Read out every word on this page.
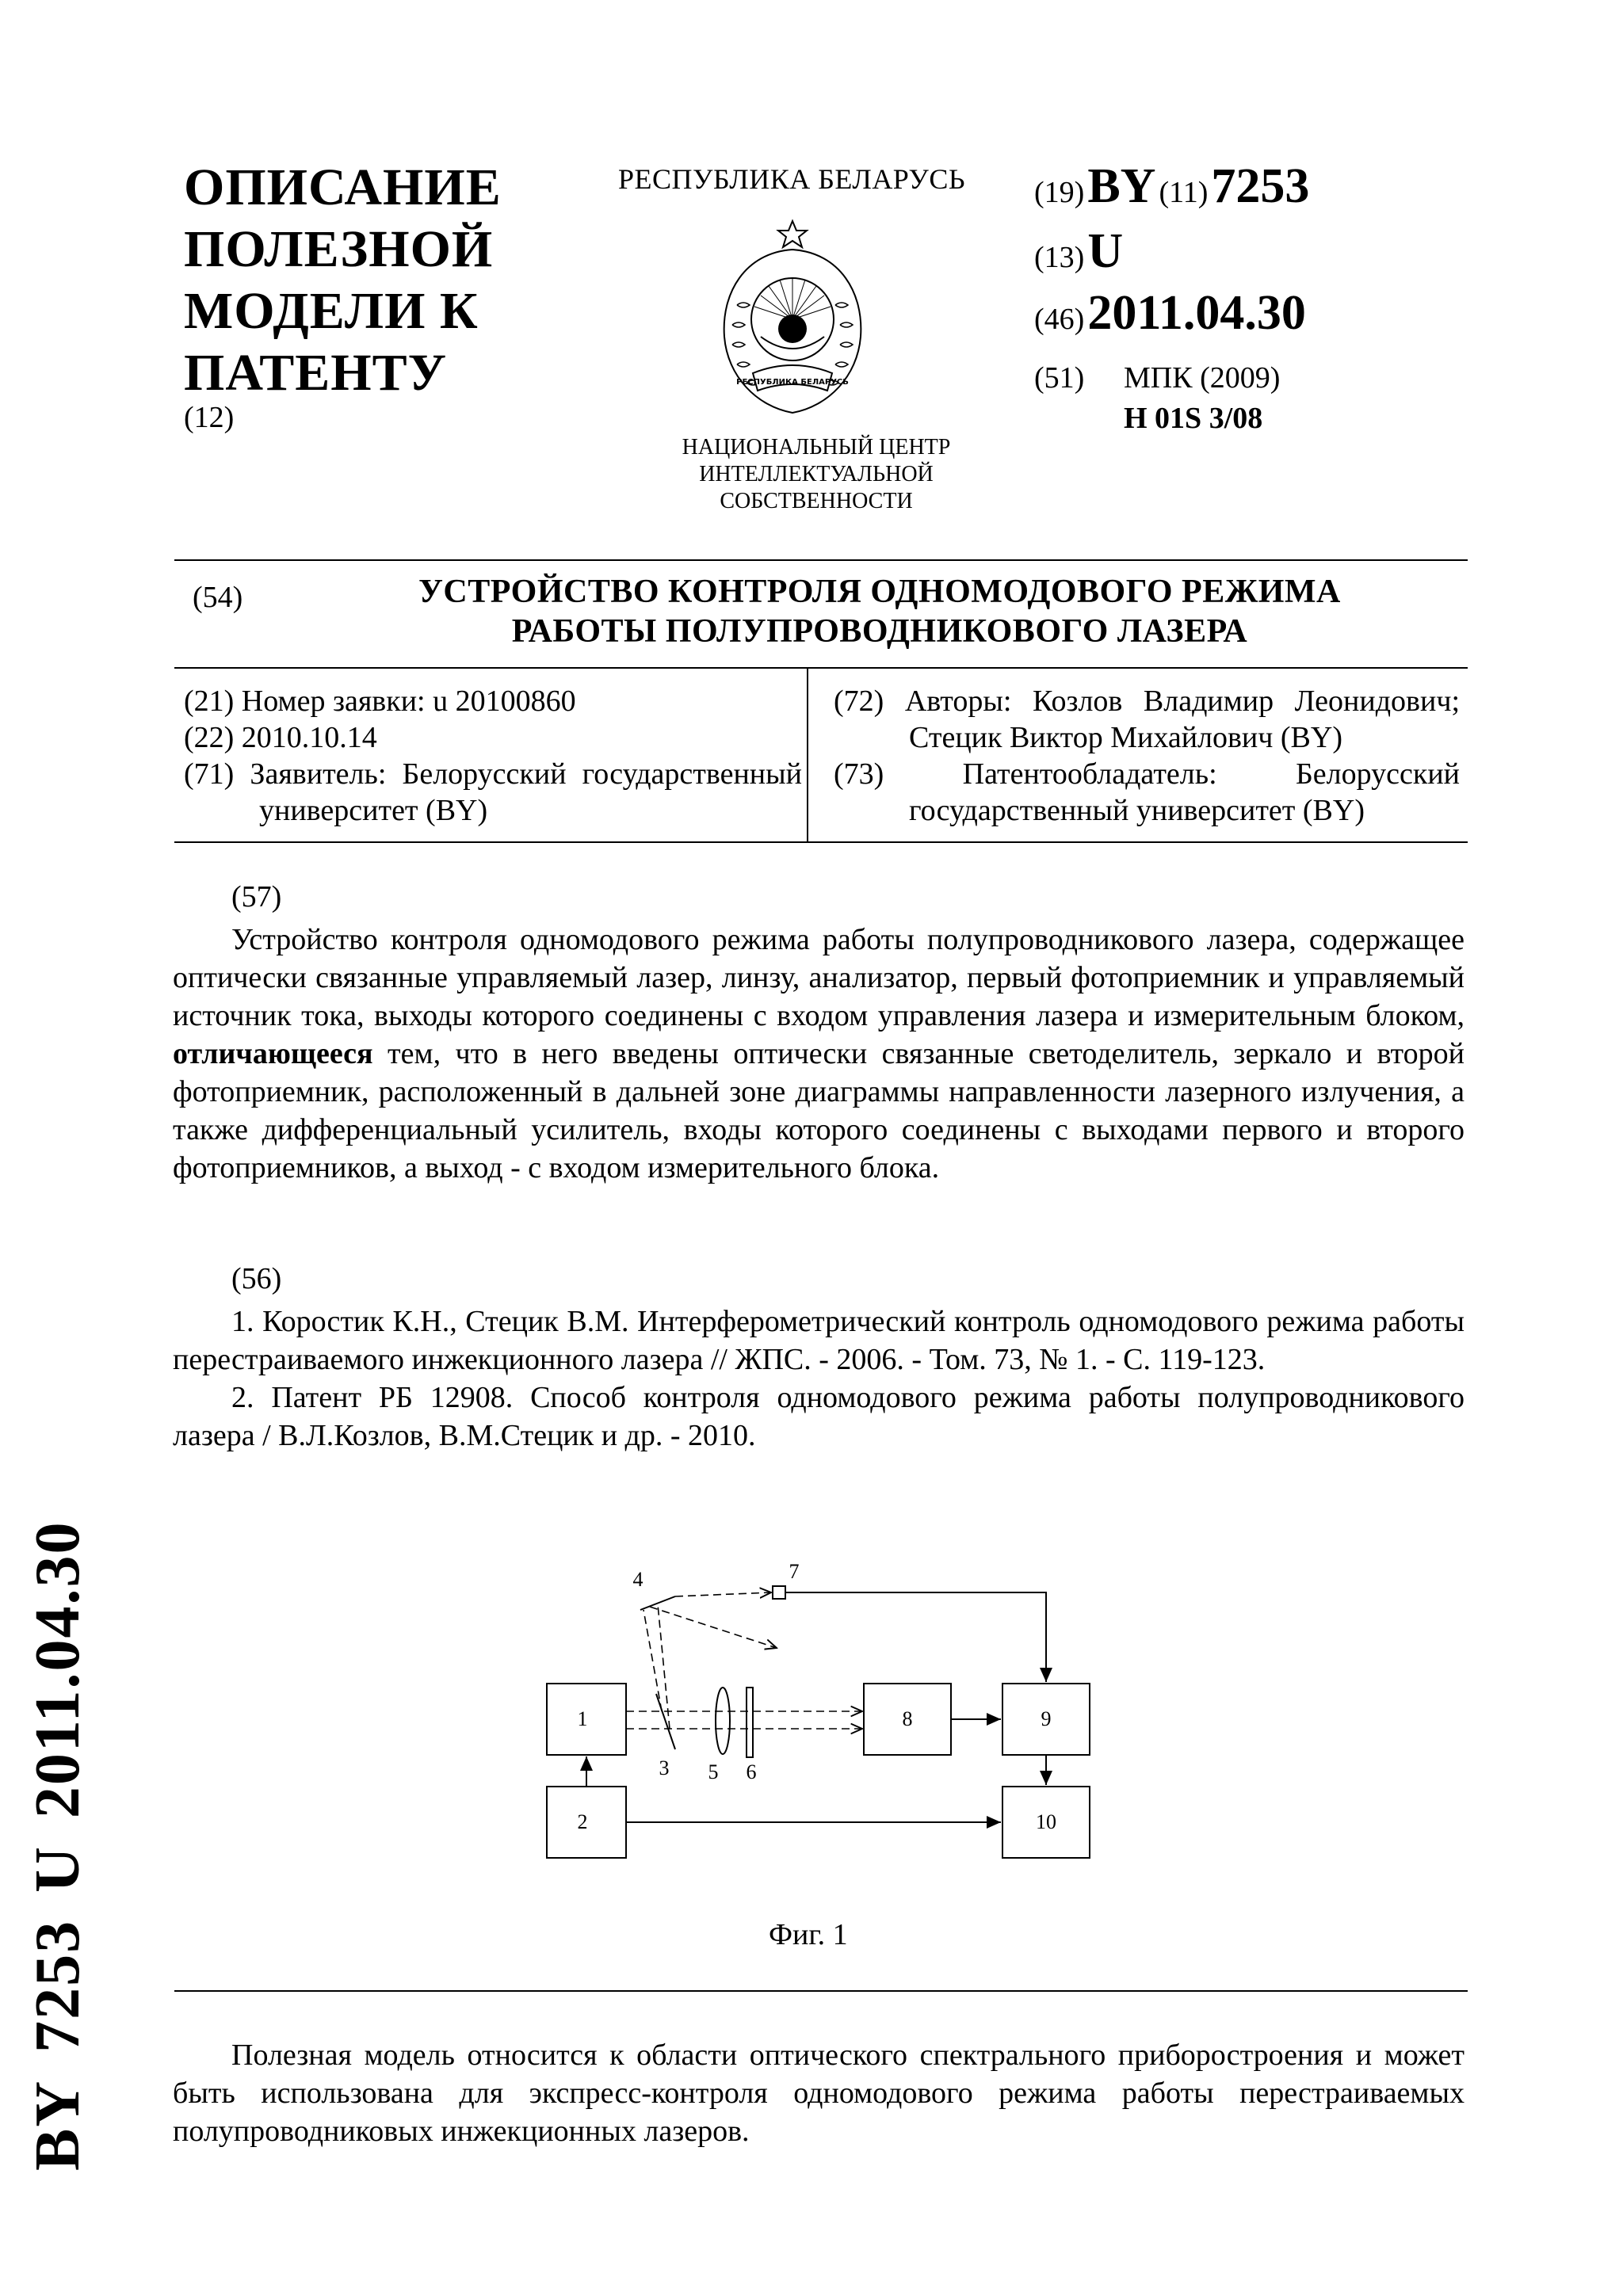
ОПИСАНИЕ
ПОЛЕЗНОЙ
МОДЕЛИ К
ПАТЕНТУ
(12)
РЕСПУБЛИКА БЕЛАРУСЬ
РЕСПУБЛИКА БЕЛАРУСЬ
НАЦИОНАЛЬНЫЙ ЦЕНТР
ИНТЕЛЛЕКТУАЛЬНОЙ
СОБСТВЕННОСТИ
(19) BY (11) 7253
(13) U
(46) 2011.04.30
(51) МПК (2009)
H 01S 3/08
(54)	УСТРОЙСТВО КОНТРОЛЯ ОДНОМОДОВОГО РЕЖИМА
РАБОТЫ ПОЛУПРОВОДНИКОВОГО ЛАЗЕРА
(21) Номер заявки: u 20100860
(22) 2010.10.14
(71) Заявитель: Белорусский государственный университет (BY)
(72) Авторы: Козлов Владимир Леонидович; Стецик Виктор Михайлович (BY)
(73) Патентообладатель: Белорусский государственный университет (BY)
(57)

Устройство контроля одномодового режима работы полупроводникового лазера, содержащее оптически связанные управляемый лазер, линзу, анализатор, первый фотоприемник и управляемый источник тока, выходы которого соединены с входом управления лазера и измерительным блоком, отличающееся тем, что в него введены оптически связанные светоделитель, зеркало и второй фотоприемник, расположенный в дальней зоне диаграммы направленности лазерного излучения, а также дифференциальный усилитель, входы которого соединены с выходами первого и второго фотоприемников, а выход - с входом измерительного блока.

(56)

1. Коростик К.Н., Стецик В.М. Интерферометрический контроль одномодового режима работы перестраиваемого инжекционного лазера // ЖПС. - 2006. - Том. 73, № 1. - С. 119-123.

2. Патент РБ 12908. Способ контроля одномодового режима работы полупроводникового лазера / В.Л.Козлов, В.М.Стецик и др. - 2010.

1
2
3
4
5 6
7
8	9
10
Фиг. 1

Полезная модель относится к области оптического спектрального приборостроения и может быть использована для экспресс-контроля одномодового режима работы перестраиваемых полупроводниковых инжекционных лазеров.

BY7253U2011.04.30
